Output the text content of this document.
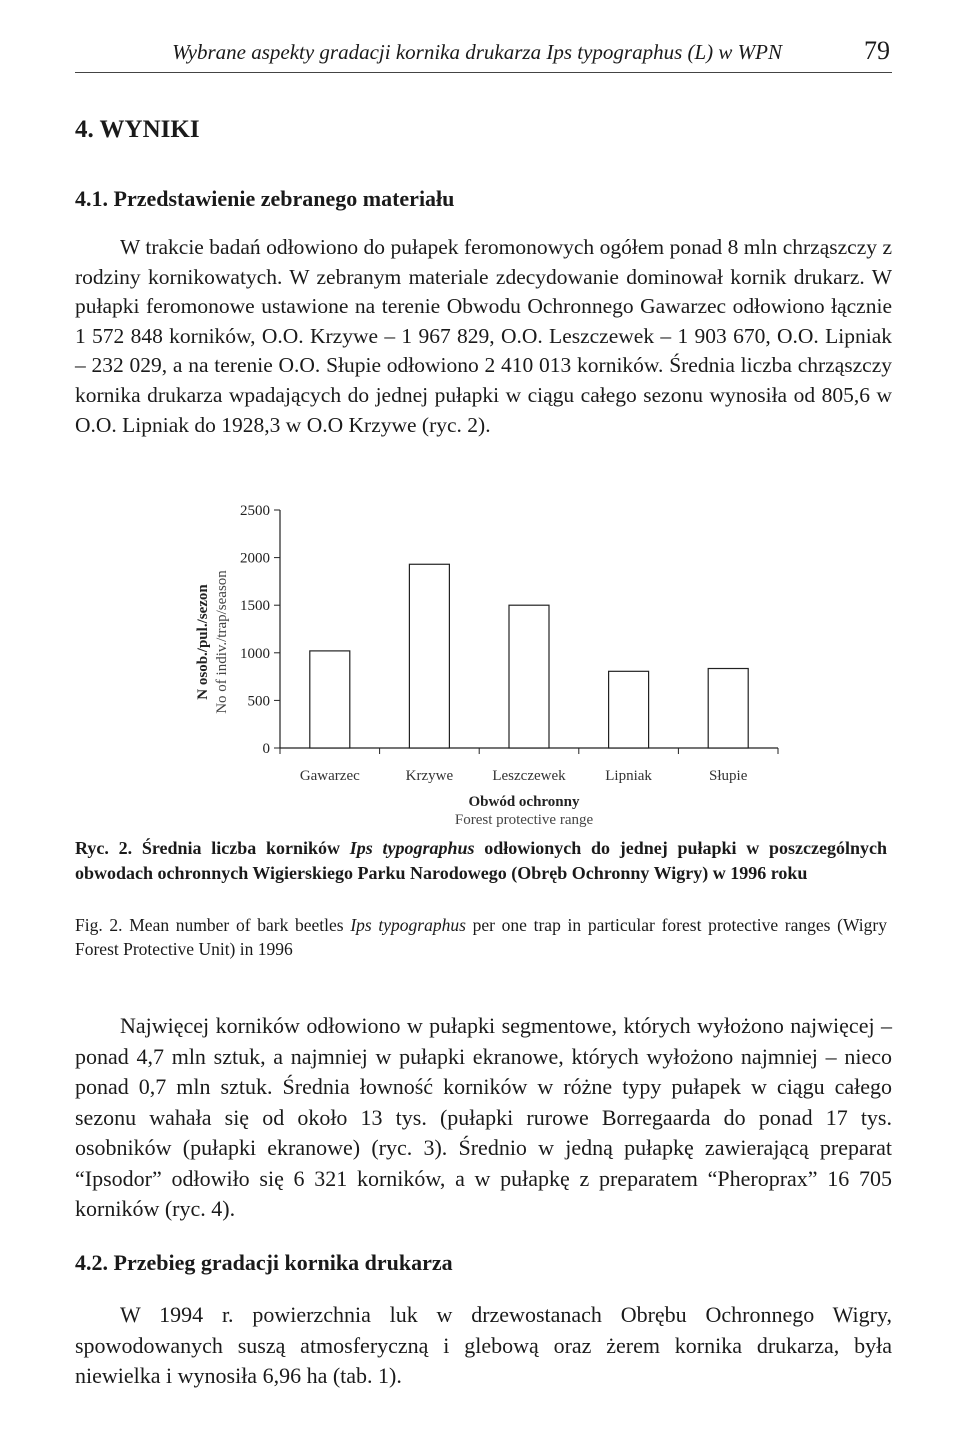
Wybrane aspekty gradacji kornika drukarza Ips typographus (L) w WPN	79
4. WYNIKI
4.1. Przedstawienie zebranego materiału

W trakcie badań odłowiono do pułapek feromonowych ogółem ponad 8 mln chrząszczy z rodziny kornikowatych. W zebranym materiale zdecydowanie dominował kornik drukarz. W pułapki feromonowe ustawione na terenie Obwodu Ochronnego Gawarzec odłowiono łącznie 1 572 848 korników, O.O. Krzywe – 1 967 829, O.O. Leszczewek – 1 903 670, O.O. Lipniak – 232 029, a na terenie O.O. Słupie odłowiono 2 410 013 korników. Średnia liczba chrząszczy kornika drukarza wpadających do jednej pułapki w ciągu całego sezonu wynosiła od 805,6 w O.O. Lipniak do 1928,3 w O.O Krzywe (ryc. 2).

0
500
1000
1500
2000
2500
Gawarzec	Krzywe	Leszczewek	Lipniak	Słupie
N osob./pul./sezon No of indiv./trap/season
Obwód ochronny
Forest protective range

Ryc. 2. Średnia liczba korników Ips typographus odłowionych do jednej pułapki w poszczególnych obwodach ochronnych Wigierskiego Parku Narodowego (Obręb Ochronny Wigry) w 1996 roku

Fig. 2. Mean number of bark beetles Ips typographus per one trap in particular forest protective ranges (Wigry Forest Protective Unit) in 1996

Najwięcej korników odłowiono w pułapki segmentowe, których wyłożono najwięcej – ponad 4,7 mln sztuk, a najmniej w pułapki ekranowe, których wyłożono najmniej – nieco ponad 0,7 mln sztuk. Średnia łowność korników w różne typy pułapek w ciągu całego sezonu wahała się od około 13 tys. (pułapki rurowe Borregaarda do ponad 17 tys. osobników (pułapki ekranowe) (ryc. 3). Średnio w jedną pułapkę zawierającą preparat “Ipsodor” odłowiło się 6 321 korników, a w pułapkę z preparatem “Pheroprax” 16 705 korników (ryc. 4).

4.2. Przebieg gradacji kornika drukarza

W 1994 r. powierzchnia luk w drzewostanach Obrębu Ochronnego Wigry, spowodowanych suszą atmosferyczną i glebową oraz żerem kornika drukarza, była niewielka i wynosiła 6,96 ha (tab. 1).
